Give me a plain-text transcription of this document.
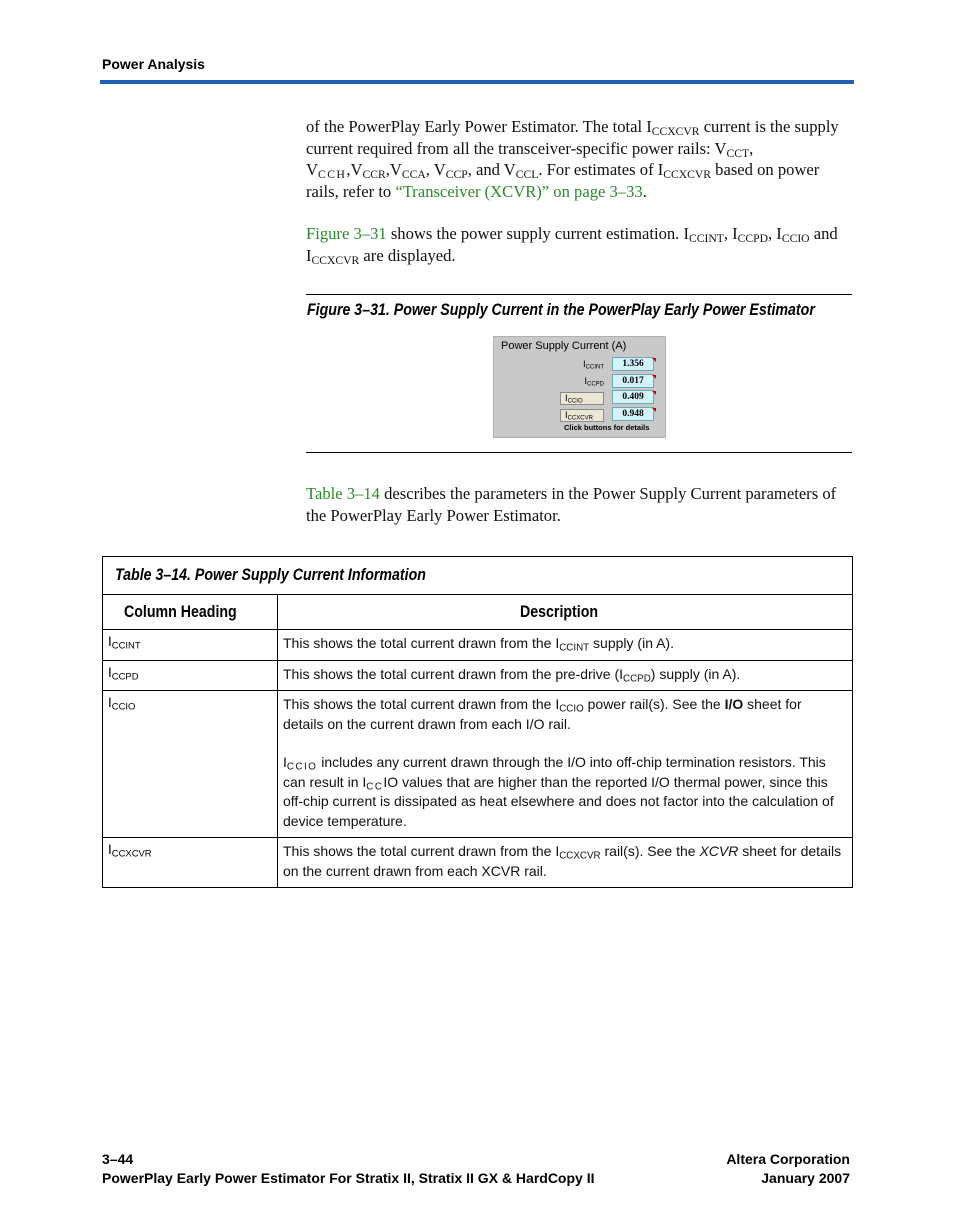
Power Analysis
of the PowerPlay Early Power Estimator. The total $I_{CCXCVR}$ current is the supply current required from all the transceiver-specific power rails: $V_{CCT}$, $V_{CCH},V_{CCR},V_{CCA}$, $V_{CCP}$, and $V_{CCL}$. For estimates of $I_{CCXCVR}$ based on power rails, refer to “Transceiver (XCVR)” on page 3–33.
Figure 3–31 shows the power supply current estimation. $I_{CCINT}$, $I_{CCPD}$, $I_{CCIO}$ and $I_{CCXCVR}$ are displayed.
Figure 3–31. Power Supply Current in the PowerPlay Early Power Estimator
Power Supply Current (A)
$I_{CCINT}$	1.356
$I_{CCPD}$	0.017
$I_{CCIO}$	0.409
$I_{CCXCVR}$	0.948
Click buttons for details
Table 3–14 describes the parameters in the Power Supply Current parameters of the PowerPlay Early Power Estimator.
Table 3–14. Power Supply Current Information	
Column Heading	Description
$I_{CCINT}$	This shows the total current drawn from the $I_{CCINT}$ supply (in A).
$I_{CCPD}$	This shows the total current drawn from the pre-drive $(I_{CCPD})$ supply (in A).
$I_{CCIO}$	This shows the total current drawn from the $I_{CCIO}$ power rail(s). See the I/O sheet for details on the current drawn from each I/O rail.
$I_{CCIO}$ includes any current drawn through the I/O into off-chip termination resistors. This can result in $I_{CC}IO$ values that are higher than the reported I/O thermal power, since this off-chip current is dissipated as heat elsewhere and does not factor into the calculation of device temperature.

$I_{CCXCVR}$	This shows the total current drawn from the $I_{CCXCVR}$ rail(s). See the XCVR sheet for details on the current drawn from each XCVR rail.
3–44
PowerPlay Early Power Estimator For Stratix II, Stratix II GX & HardCopy II
Altera Corporation
January 2007
